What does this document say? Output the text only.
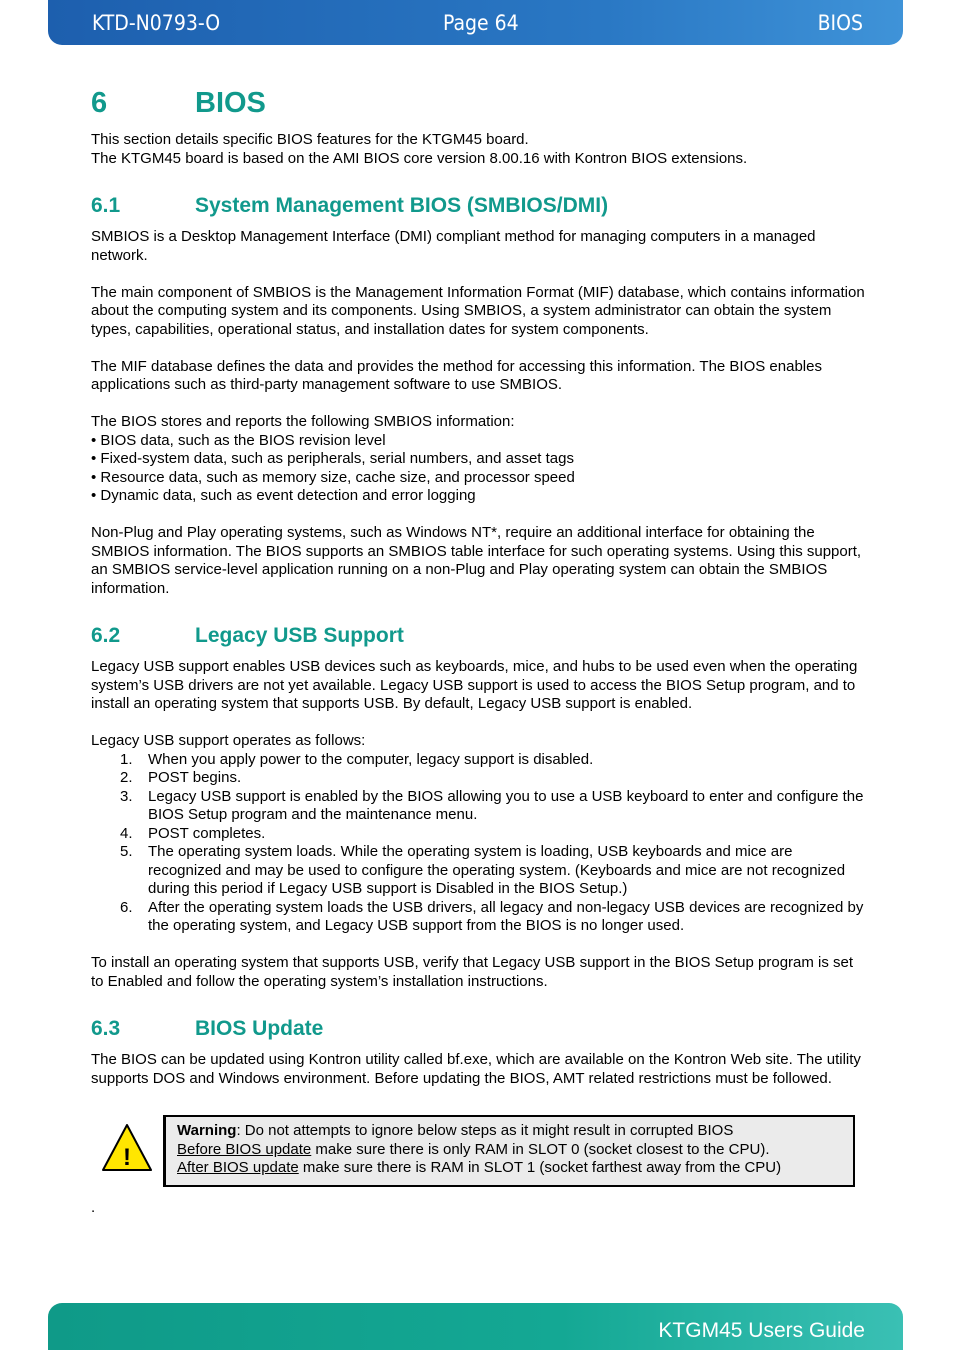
KTD-N0793-O	Page 64	BIOS
6	BIOS

This section details specific BIOS features for the KTGM45 board.

The KTGM45 board is based on the AMI BIOS core version 8.00.16 with Kontron BIOS extensions.

6.1	System Management BIOS (SMBIOS/DMI)

SMBIOS is a Desktop Management Interface (DMI) compliant method for managing computers in a managed network.

The main component of SMBIOS is the Management Information Format (MIF) database, which contains information about the computing system and its components. Using SMBIOS, a system administrator can obtain the system types, capabilities, operational status, and installation dates for system components.

The MIF database defines the data and provides the method for accessing this information. The BIOS enables applications such as third-party management software to use SMBIOS.

The BIOS stores and reports the following SMBIOS information:

• BIOS data, such as the BIOS revision level

• Fixed-system data, such as peripherals, serial numbers, and asset tags

• Resource data, such as memory size, cache size, and processor speed

• Dynamic data, such as event detection and error logging

Non-Plug and Play operating systems, such as Windows NT*, require an additional interface for obtaining the SMBIOS information. The BIOS supports an SMBIOS table interface for such operating systems. Using this support, an SMBIOS service-level application running on a non-Plug and Play operating system can obtain the SMBIOS information.

6.2	Legacy USB Support

Legacy USB support enables USB devices such as keyboards, mice, and hubs to be used even when the operating system’s USB drivers are not yet available. Legacy USB support is used to access the BIOS Setup program, and to install an operating system that supports USB. By default, Legacy USB support is enabled.

Legacy USB support operates as follows:

1. When you apply power to the computer, legacy support is disabled.
2. POST begins.
3. Legacy USB support is enabled by the BIOS allowing you to use a USB keyboard to enter and configure the BIOS Setup program and the maintenance menu.
4. POST completes.
5. The operating system loads. While the operating system is loading, USB keyboards and mice are recognized and may be used to configure the operating system. (Keyboards and mice are not recognized during this period if Legacy USB support is Disabled in the BIOS Setup.)
6. After the operating system loads the USB drivers, all legacy and non-legacy USB devices are recognized by the operating system, and Legacy USB support from the BIOS is no longer used.

To install an operating system that supports USB, verify that Legacy USB support in the BIOS Setup program is set to Enabled and follow the operating system’s installation instructions.

6.3	BIOS Update

The BIOS can be updated using Kontron utility called bf.exe, which are available on the Kontron Web site. The utility supports DOS and Windows environment. Before updating the BIOS, AMT related restrictions must be followed.

!
Warning: Do not attempts to ignore below steps as it might result in corrupted BIOS
Before BIOS update make sure there is only RAM in SLOT 0 (socket closest to the CPU).
After BIOS update make sure there is RAM in SLOT 1 (socket farthest away from the CPU)
.
KTGM45 Users Guide
